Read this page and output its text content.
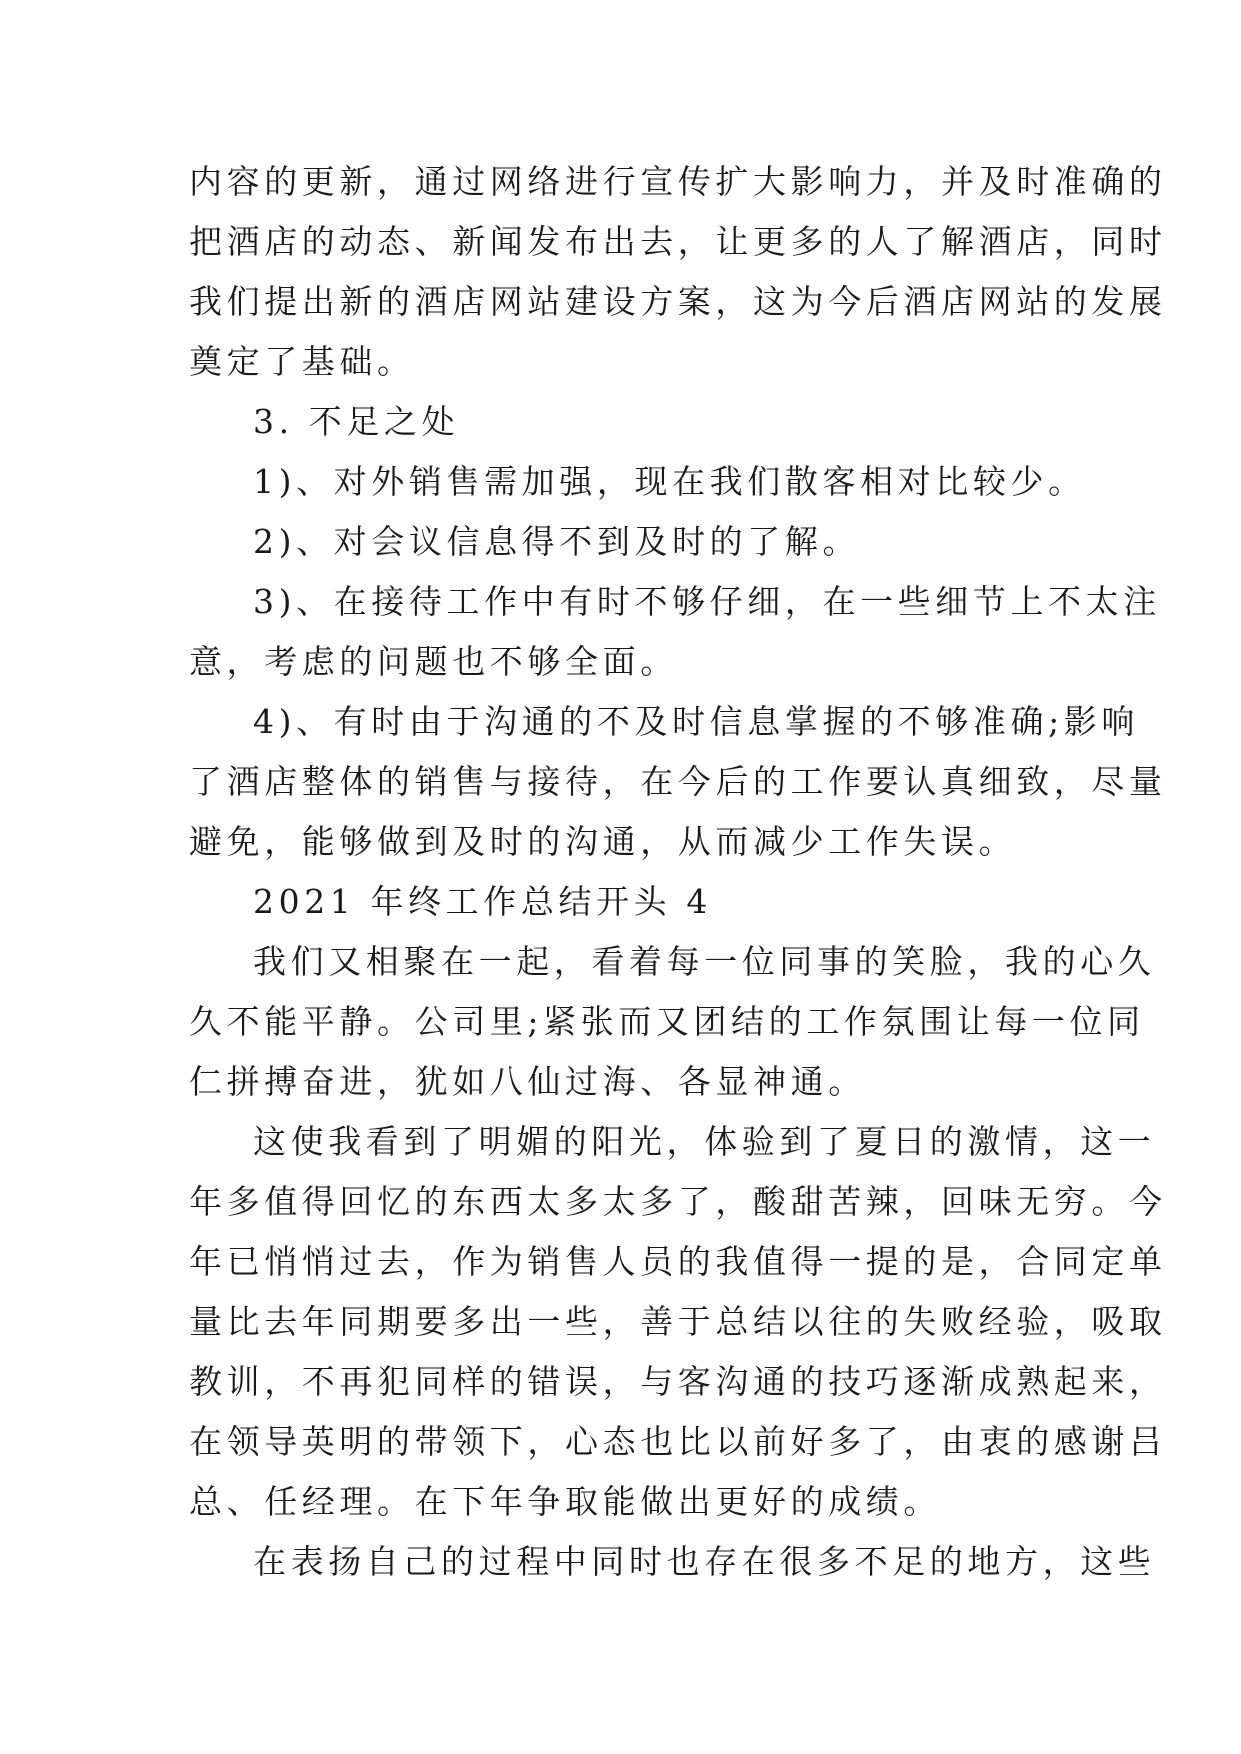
内容的更新，通过网络进行宣传扩大影响力，并及时准确的
把酒店的动态、新闻发布出去，让更多的人了解酒店，同时
我们提出新的酒店网站建设方案，这为今后酒店网站的发展
奠定了基础。
3. 不足之处
1)、对外销售需加强，现在我们散客相对比较少。
2)、对会议信息得不到及时的了解。
3)、在接待工作中有时不够仔细，在一些细节上不太注
意，考虑的问题也不够全面。
4)、有时由于沟通的不及时信息掌握的不够准确;影响
了酒店整体的销售与接待，在今后的工作要认真细致，尽量
避免，能够做到及时的沟通，从而减少工作失误。
2021 年终工作总结开头 4
我们又相聚在一起，看着每一位同事的笑脸，我的心久
久不能平静。公司里;紧张而又团结的工作氛围让每一位同
仁拼搏奋进，犹如八仙过海、各显神通。
这使我看到了明媚的阳光，体验到了夏日的激情，这一
年多值得回忆的东西太多太多了，酸甜苦辣，回味无穷。今
年已悄悄过去，作为销售人员的我值得一提的是，合同定单
量比去年同期要多出一些，善于总结以往的失败经验，吸取
教训，不再犯同样的错误，与客沟通的技巧逐渐成熟起来，
在领导英明的带领下，心态也比以前好多了，由衷的感谢吕
总、任经理。在下年争取能做出更好的成绩。
在表扬自己的过程中同时也存在很多不足的地方，这些
